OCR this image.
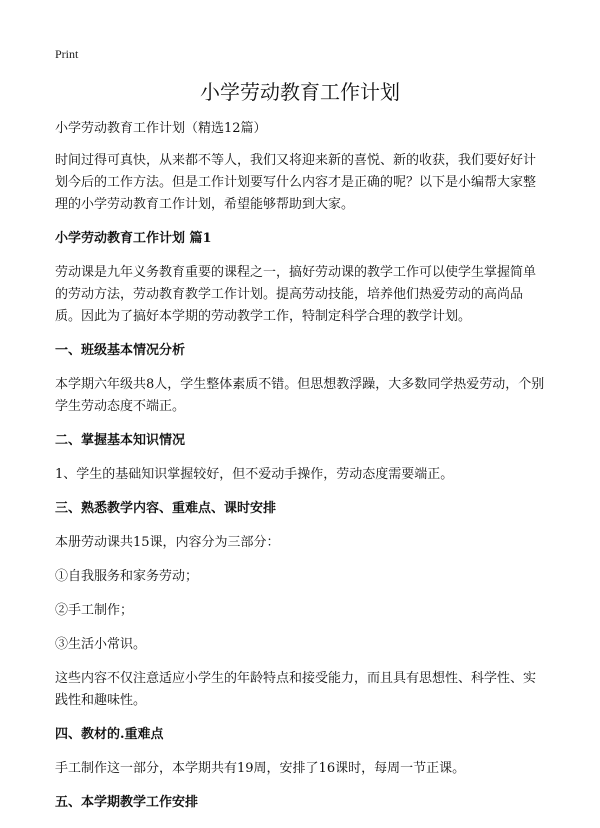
Print
小学劳动教育工作计划

小学劳动教育工作计划（精选12篇）

时间过得可真快，从来都不等人，我们又将迎来新的喜悦、新的收获，我们要好好计划今后的工作方法。但是工作计划要写什么内容才是正确的呢？以下是小编帮大家整理的小学劳动教育工作计划，希望能够帮助到大家。

小学劳动教育工作计划 篇1

劳动课是九年义务教育重要的课程之一，搞好劳动课的教学工作可以使学生掌握简单的劳动方法，劳动教育教学工作计划。提高劳动技能，培养他们热爱劳动的高尚品质。因此为了搞好本学期的劳动教学工作，特制定科学合理的教学计划。

一、班级基本情况分析

本学期六年级共8人，学生整体素质不错。但思想教浮躁，大多数同学热爱劳动，个别学生劳动态度不端正。

二、掌握基本知识情况

1、学生的基础知识掌握较好，但不爱动手操作，劳动态度需要端正。

三、熟悉教学内容、重难点、课时安排

本册劳动课共15课，内容分为三部分：

①自我服务和家务劳动；

②手工制作；

③生活小常识。

这些内容不仅注意适应小学生的年龄特点和接受能力，而且具有思想性、科学性、实践性和趣味性。

四、教材的.重难点

手工制作这一部分，本学期共有19周，安排了16课时，每周一节正课。

五、本学期教学工作安排
